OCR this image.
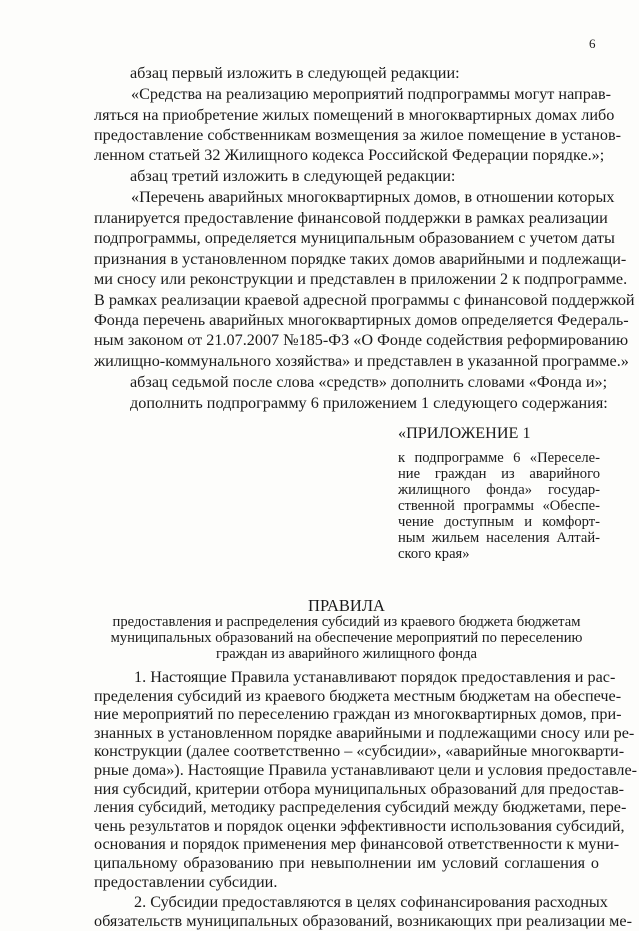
6
абзац первый изложить в следующей редакции:
«Средства на реализацию мероприятий подпрограммы могут направ-
ляться на приобретение жилых помещений в многоквартирных домах либо
предоставление собственникам возмещения за жилое помещение в установ-
ленном статьей 32 Жилищного кодекса Российской Федерации порядке.»;
абзац третий изложить в следующей редакции:
«Перечень аварийных многоквартирных домов, в отношении которых
планируется предоставление финансовой поддержки в рамках реализации
подпрограммы, определяется муниципальным образованием с учетом даты
признания в установленном порядке таких домов аварийными и подлежащи-
ми сносу или реконструкции и представлен в приложении 2 к подпрограмме.
В рамках реализации краевой адресной программы с финансовой поддержкой
Фонда перечень аварийных многоквартирных домов определяется Федераль-
ным законом от 21.07.2007 №185-ФЗ «О Фонде содействия реформированию
жилищно-коммунального хозяйства» и представлен в указанной программе.»
абзац седьмой после слова «средств» дополнить словами «Фонда и»;
дополнить подпрограмму 6 приложением 1 следующего содержания:
«ПРИЛОЖЕНИЕ 1
к подпрограмме 6 «Переселе-
ние граждан из аварийного
жилищного фонда» государ-
ственной программы «Обеспе-
чение доступным и комфорт-
ным жильем населения Алтай-
ского края»
ПРАВИЛА
предоставления и распределения субсидий из краевого бюджета бюджетам
муниципальных образований на обеспечение мероприятий по переселению
граждан из аварийного жилищного фонда
1. Настоящие Правила устанавливают порядок предоставления и рас-
пределения субсидий из краевого бюджета местным бюджетам на обеспече-
ние мероприятий по переселению граждан из многоквартирных домов, при-
знанных в установленном порядке аварийными и подлежащими сносу или ре-
конструкции (далее соответственно – «субсидии», «аварийные многокварти-
рные дома»). Настоящие Правила устанавливают цели и условия предоставле-
ния субсидий, критерии отбора муниципальных образований для предостав-
ления субсидий, методику распределения субсидий между бюджетами, пере-
чень результатов и порядок оценки эффективности использования субсидий,
основания и порядок применения мер финансовой ответственности к муни-
ципальному образованию при невыполнении им условий соглашения о
предоставлении субсидии.
2. Субсидии предоставляются в целях софинансирования расходных
обязательств муниципальных образований, возникающих при реализации ме-
